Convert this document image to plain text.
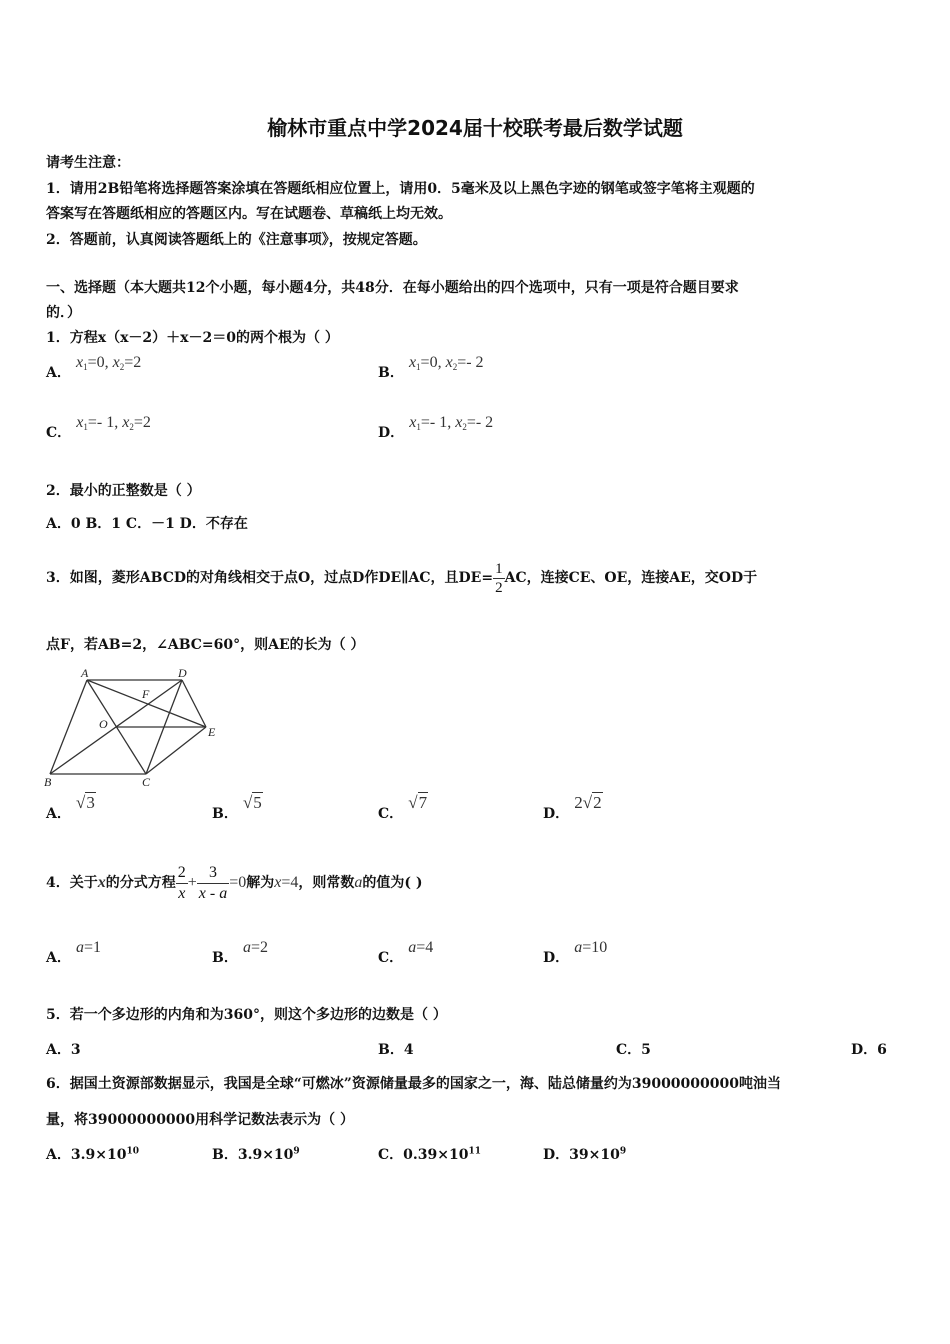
榆林市重点中学2024届十校联考最后数学试题
请考生注意：
1．请用2B铅笔将选择题答案涂填在答题纸相应位置上，请用0．5毫米及以上黑色字迹的钢笔或签字笔将主观题的
答案写在答题纸相应的答题区内。写在试题卷、草稿纸上均无效。
2．答题前，认真阅读答题纸上的《注意事项》，按规定答题。
一、选择题（本大题共12个小题，每小题4分，共48分．在每小题给出的四个选项中，只有一项是符合题目要求
的．）
1．方程x（x－2）＋x－2＝0的两个根为（ ）
A． $x_1=0$, $x_2=2$
B． $x_1=0$, $x_2=-$ 2
C． $x_1=-$ 1, $x_2=2$
D． $x_1=-$ 1, $x_2=-$ 2
2．最小的正整数是（ ）
A．0 B．1 C．－1 D．不存在
3．如图，菱形ABCD的对角线相交于点O，过点D作DE∥AC，且$DE= \frac{1}{2}$ AC，连接CE、OE，连接AE，交OD于
点F，若AB=2，∠ABC=60°，则AE的长为（ ）
A	D
F
O
E
B	C
A． √3
B． √5
C． √7
D． 2√2
4．关于x的分式方程 $\frac{2}{x} + \frac{3}{x - a} =0$解为x=4，则常数a的值为( )
A． a=1
B． a=2
C． a=4
D． a=10
5．若一个多边形的内角和为360°，则这个多边形的边数是（ ）
A．3	B．4	C．5	D．6
6．据国土资源部数据显示，我国是全球“可燃冰”资源储量最多的国家之一，海、陆总储量约为39000000000吨油当
量，将39000000000用科学记数法表示为（ ）
A．$3.9\times 10^{10}$	B．$3.9\times 10^9$	C．$0.39\times 10^{11}$	D．$39\times 10^9$
